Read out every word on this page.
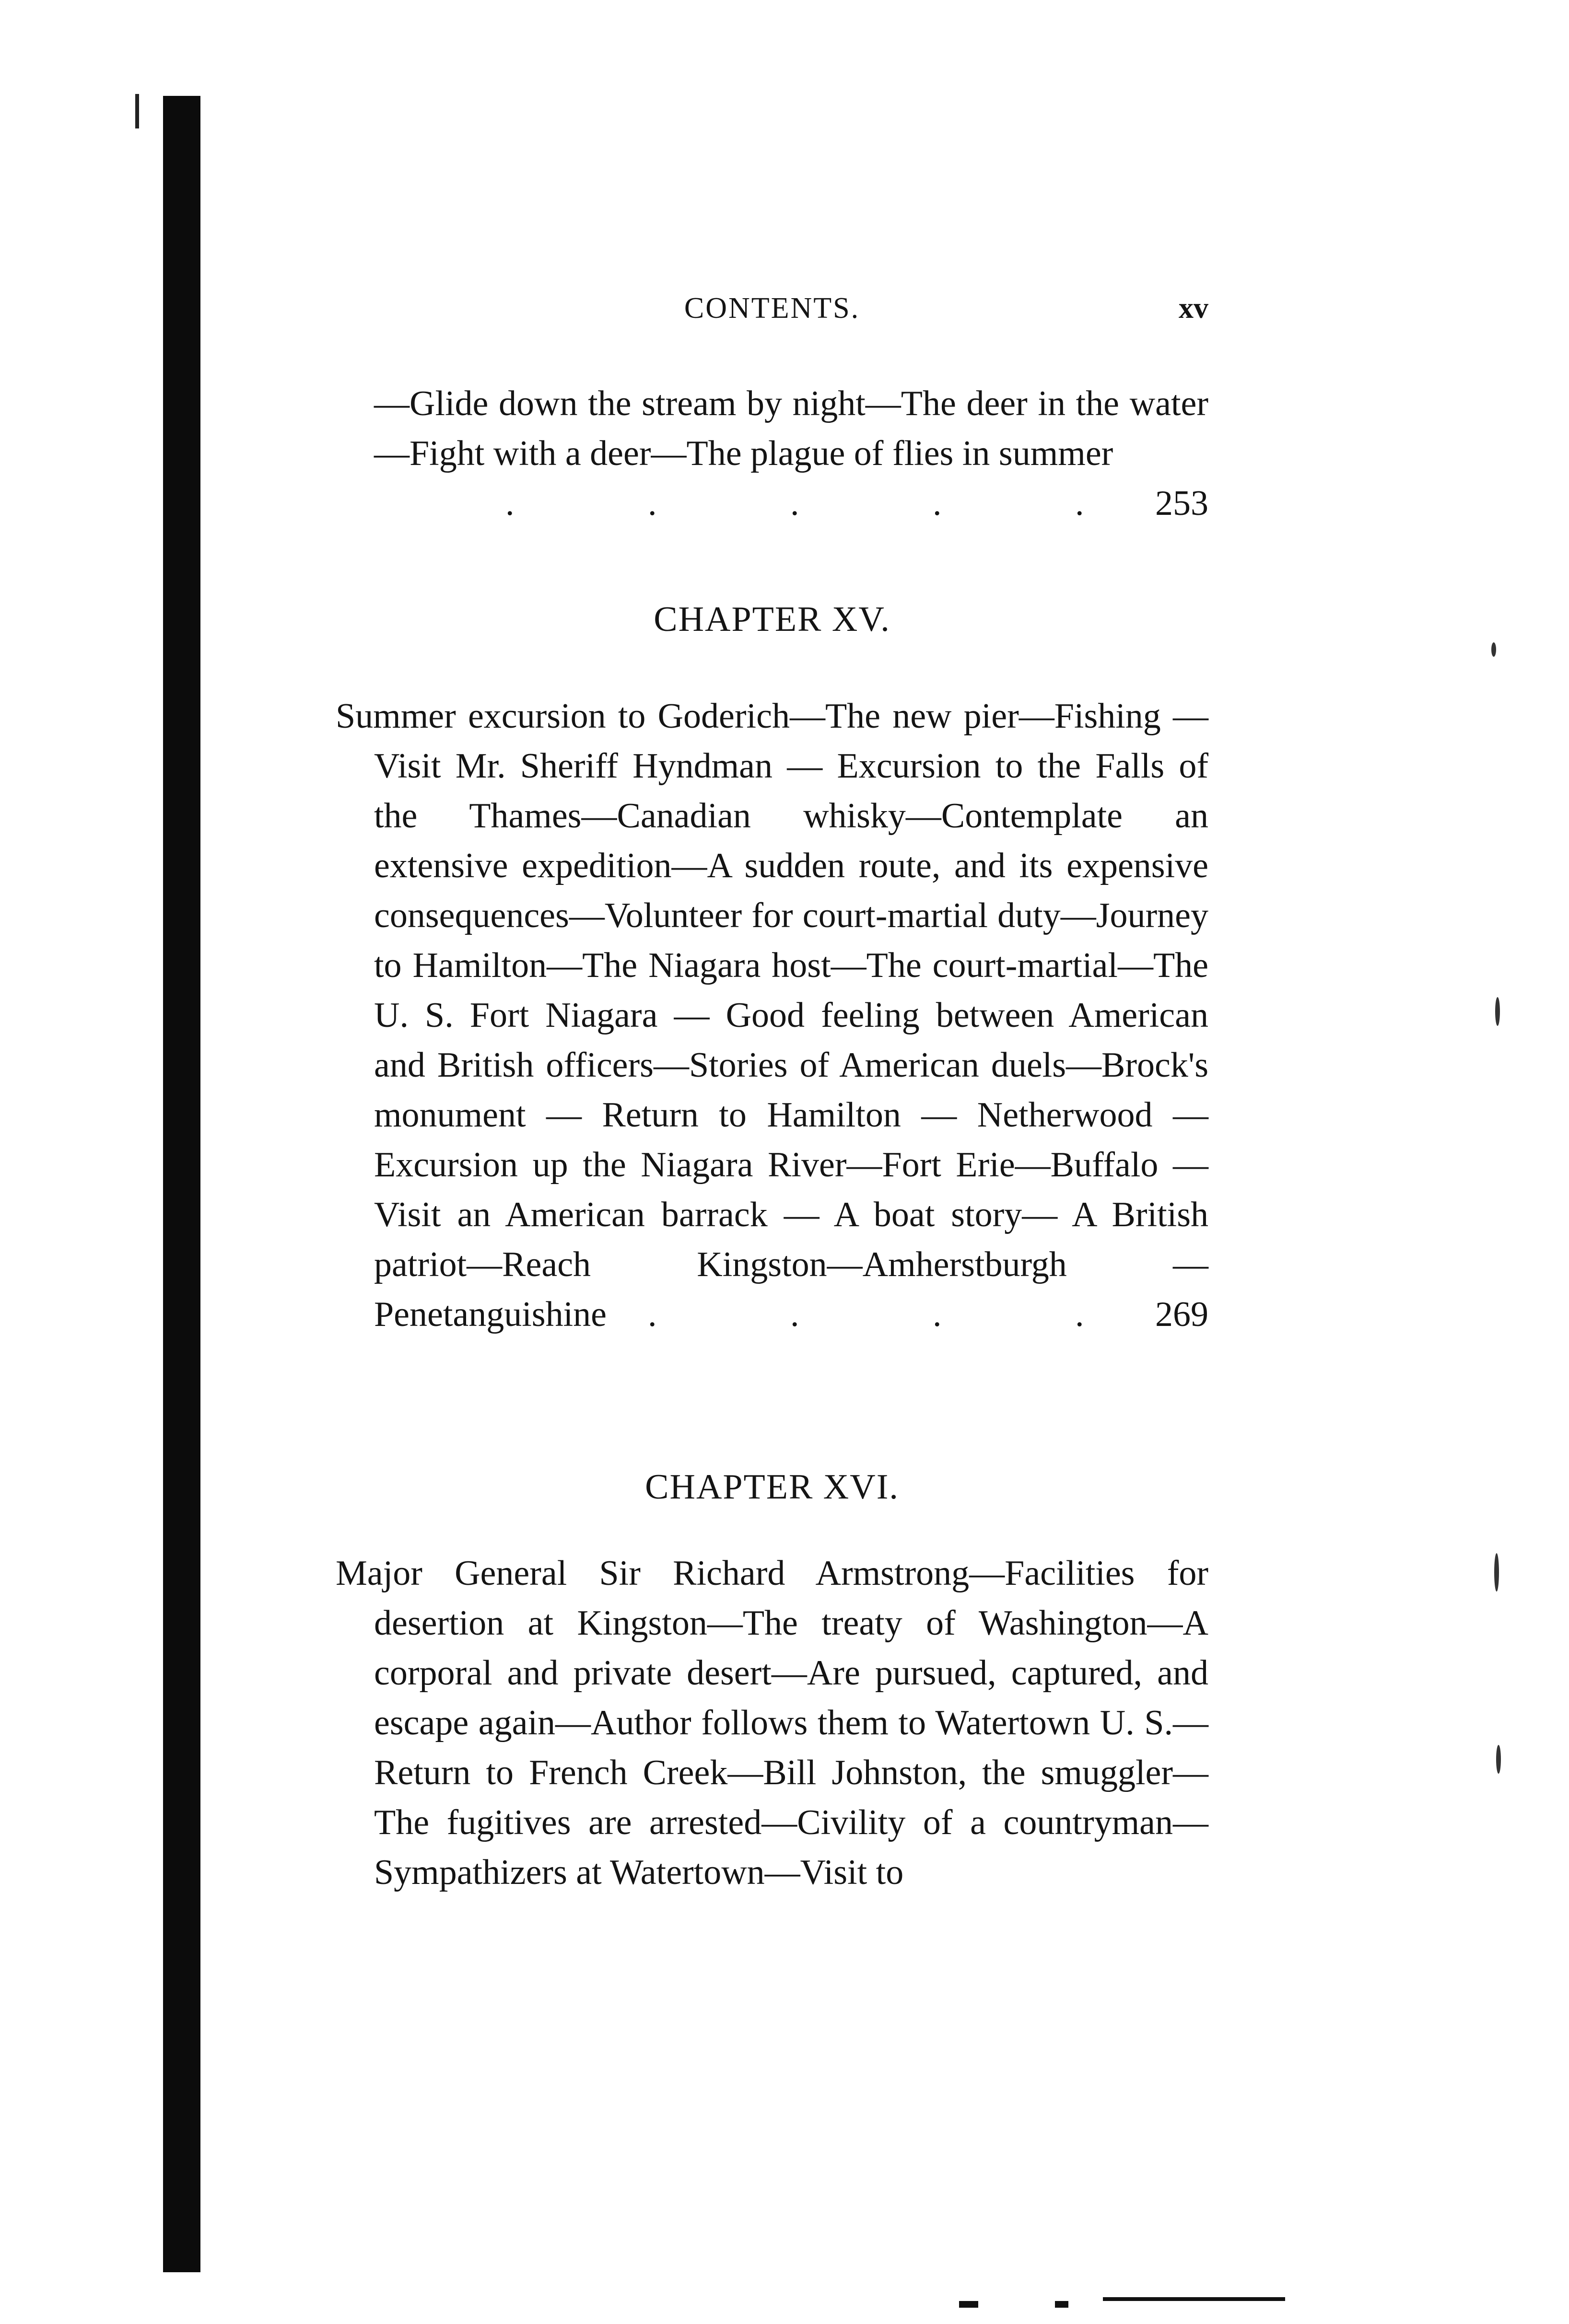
CONTENTS.	xv
—Glide down the stream by night—The deer in the water—Fight with a deer—The plague of flies in summer
. . . . . 253
CHAPTER XV.
Summer excursion to Goderich—The new pier—Fishing —Visit Mr. Sheriff Hyndman — Excursion to the Falls of the Thames—Canadian whisky—Contemplate an extensive expedition—A sudden route, and its expensive consequences—Volunteer for court-martial duty—Journey to Hamilton—The Niagara host—The court-martial—The U. S. Fort Niagara — Good feeling between American and British officers—Stories of American duels—Brock's monument — Return to Hamilton — Netherwood — Excursion up the Niagara River—Fort Erie—Buffalo — Visit an American barrack — A boat story— A British patriot—Reach Kingston—Amherstburgh —Penetanguishine . . . . 269
CHAPTER XVI.
Major General Sir Richard Armstrong—Facilities for desertion at Kingston—The treaty of Washington—A corporal and private desert—Are pursued, captured, and escape again—Author follows them to Watertown U. S.—Return to French Creek—Bill Johnston, the smuggler—The fugitives are arrested—Civility of a countryman—Sympathizers at Watertown—Visit to
